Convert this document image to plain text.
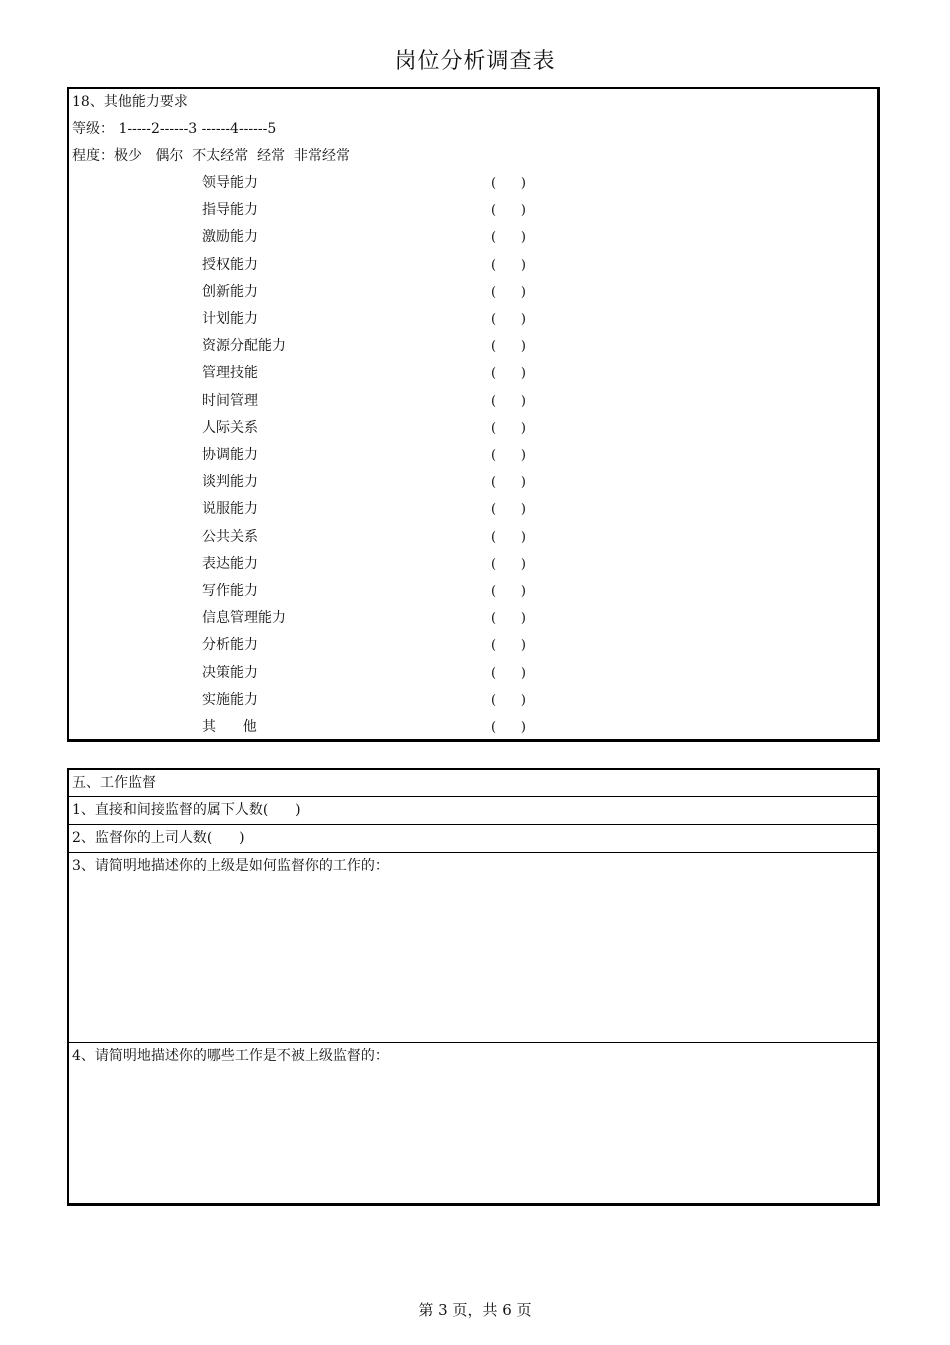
岗位分析调查表
18、其他能力要求
等级： 1-----2------3 ------4------5
程度：极少   偶尔  不太经常  经常  非常经常
领导能力	(      )
指导能力	(      )
激励能力	(      )
授权能力	(      )
创新能力	(      )
计划能力	(      )
资源分配能力	(      )
管理技能	(      )
时间管理	(      )
人际关系	(      )
协调能力	(      )
谈判能力	(      )
说服能力	(      )
公共关系	(      )
表达能力	(      )
写作能力	(      )
信息管理能力	(      )
分析能力	(      )
决策能力	(      )
实施能力	(      )
其      他	(      )
五、工作监督
1、直接和间接监督的属下人数(      )
2、监督你的上司人数(      )
3、请简明地描述你的上级是如何监督你的工作的：
4、请简明地描述你的哪些工作是不被上级监督的：
第 3 页，共 6 页
